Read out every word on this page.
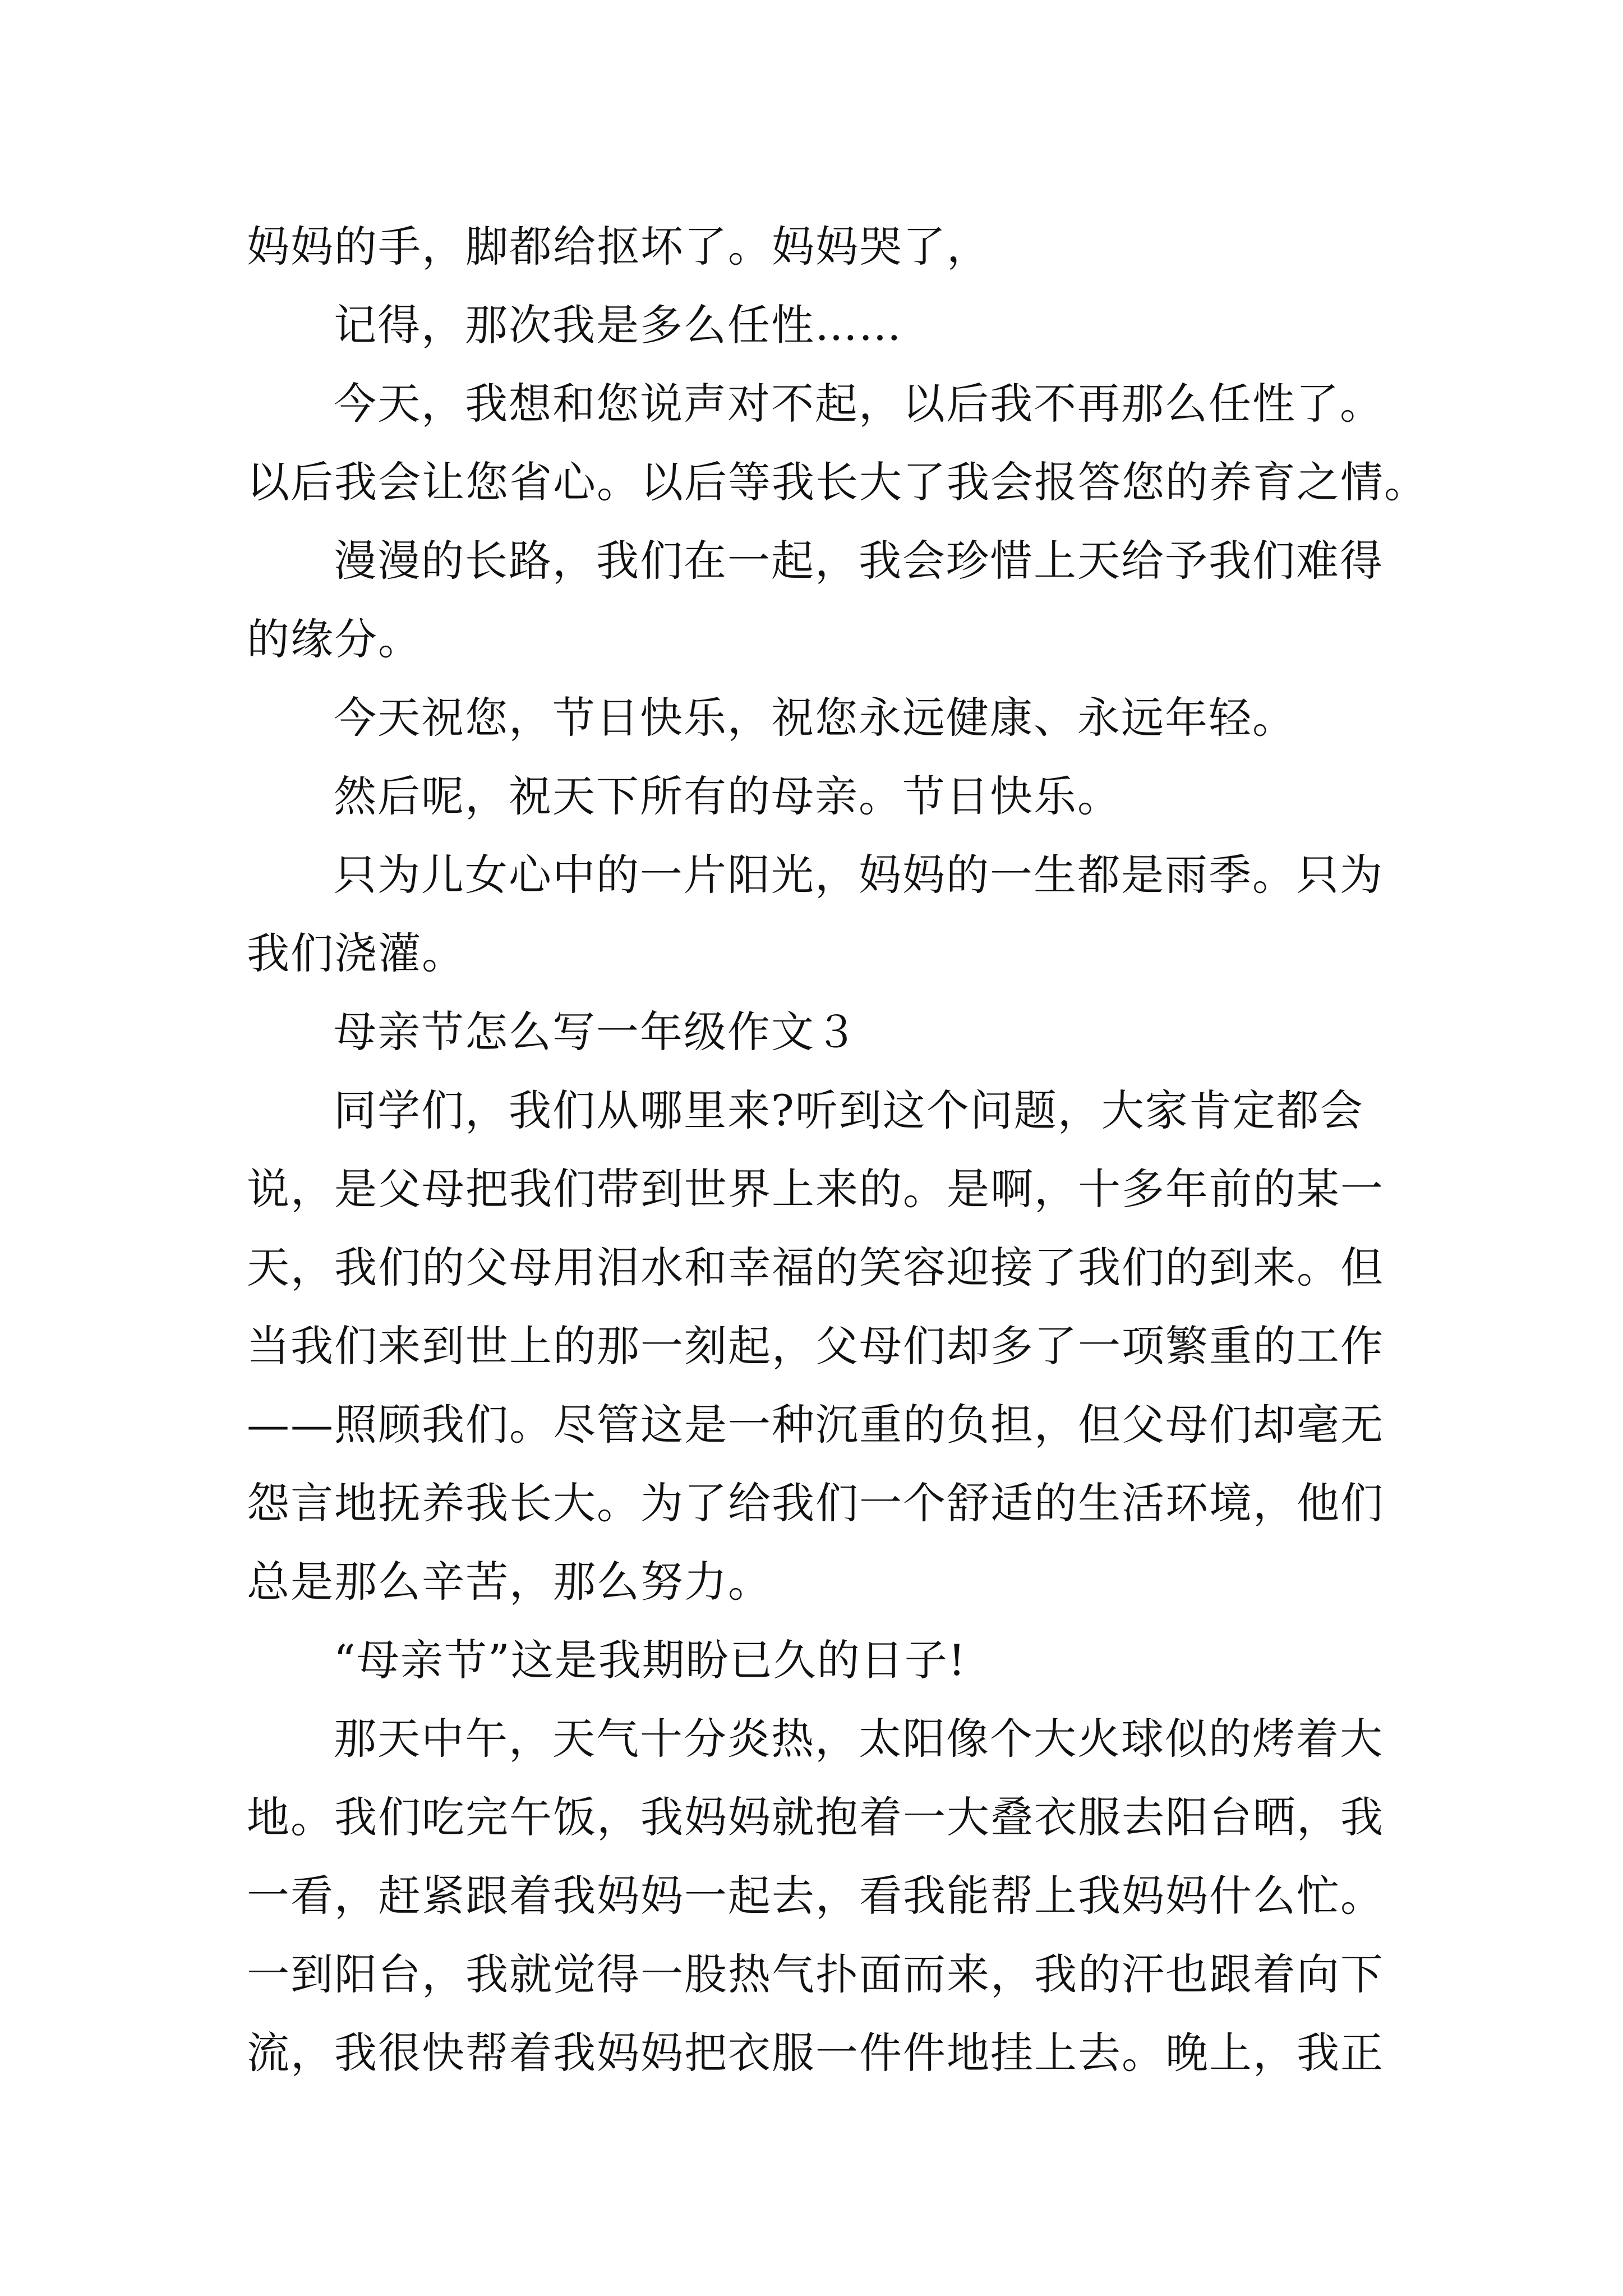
妈妈的手，脚都给抠坏了。妈妈哭了，
记得，那次我是多么任性……
今天，我想和您说声对不起，以后我不再那么任性了。
以后我会让您省心。以后等我长大了我会报答您的养育之情。
漫漫的长路，我们在一起，我会珍惜上天给予我们难得
的缘分。
今天祝您，节日快乐，祝您永远健康、永远年轻。
然后呢，祝天下所有的母亲。节日快乐。
只为儿女心中的一片阳光，妈妈的一生都是雨季。只为
我们浇灌。
母亲节怎么写一年级作文３
同学们，我们从哪里来?听到这个问题，大家肯定都会
说，是父母把我们带到世界上来的。是啊，十多年前的某一
天，我们的父母用泪水和幸福的笑容迎接了我们的到来。但
当我们来到世上的那一刻起，父母们却多了一项繁重的工作
——照顾我们。尽管这是一种沉重的负担，但父母们却毫无
怨言地抚养我长大。为了给我们一个舒适的生活环境，他们
总是那么辛苦，那么努力。
“母亲节”这是我期盼已久的日子!
那天中午，天气十分炎热，太阳像个大火球似的烤着大
地。我们吃完午饭，我妈妈就抱着一大叠衣服去阳台晒，我
一看，赶紧跟着我妈妈一起去，看我能帮上我妈妈什么忙。
一到阳台，我就觉得一股热气扑面而来，我的汗也跟着向下
流，我很快帮着我妈妈把衣服一件件地挂上去。晚上，我正
